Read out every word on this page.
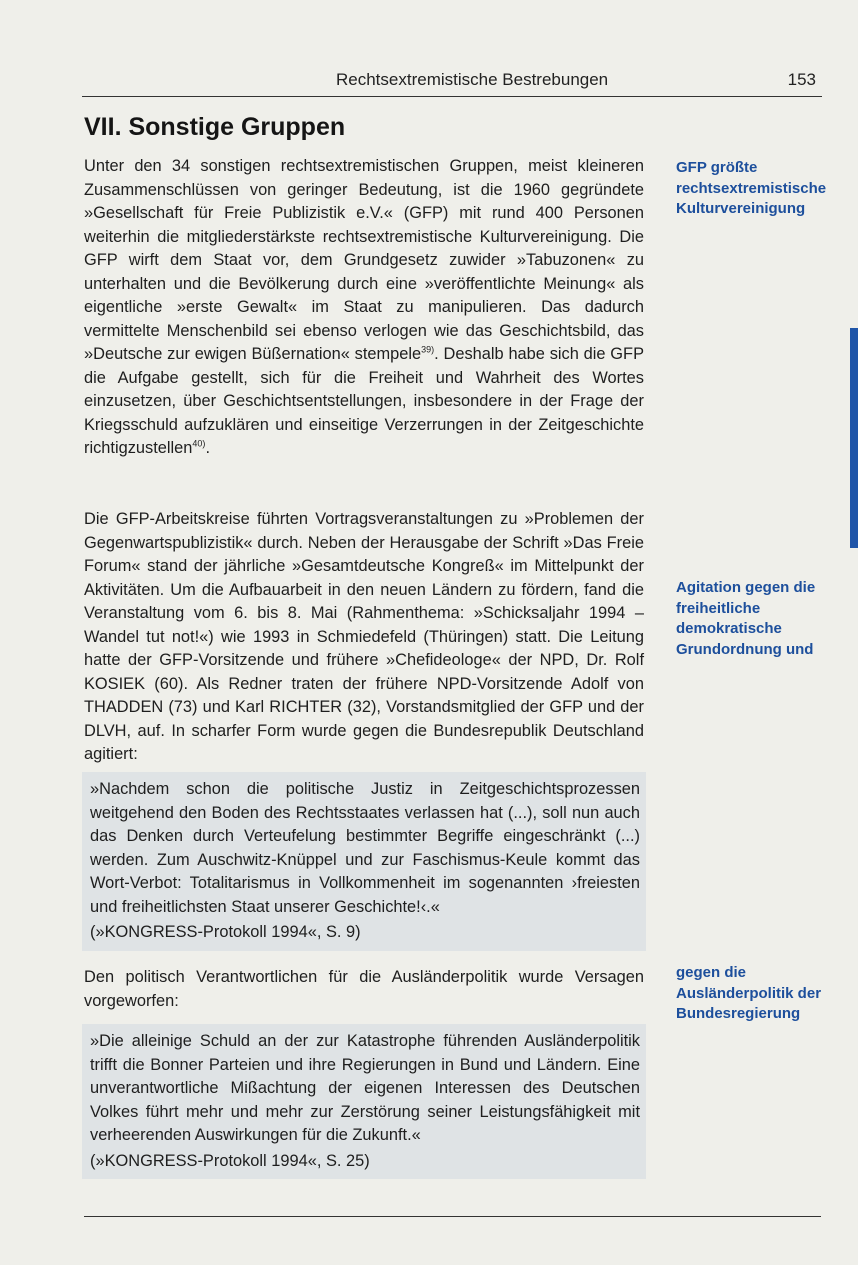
Rechtsextremistische Bestrebungen	153
VII. Sonstige Gruppen

Unter den 34 sonstigen rechtsextremistischen Gruppen, meist kleineren Zusammenschlüssen von geringer Bedeutung, ist die 1960 gegründete »Gesellschaft für Freie Publizistik e.V.« (GFP) mit rund 400 Personen weiterhin die mitgliederstärkste rechtsextremistische Kulturvereinigung. Die GFP wirft dem Staat vor, dem Grundgesetz zuwider »Tabuzonen« zu unterhalten und die Bevölkerung durch eine »veröffentlichte Meinung« als eigentliche »erste Gewalt« im Staat zu manipulieren. Das dadurch vermittelte Menschenbild sei ebenso verlogen wie das Geschichtsbild, das »Deutsche zur ewigen Büßernation« stempele$^{39)}$. Deshalb habe sich die GFP die Aufgabe gestellt, sich für die Freiheit und Wahrheit des Wortes einzusetzen, über Geschichtsentstellungen, insbesondere in der Frage der Kriegsschuld aufzuklären und einseitige Verzerrungen in der Zeitgeschichte richtigzustellen$^{40)}$.

Die GFP-Arbeitskreise führten Vortragsveranstaltungen zu »Problemen der Gegenwartspublizistik« durch. Neben der Herausgabe der Schrift »Das Freie Forum« stand der jährliche »Gesamtdeutsche Kongreß« im Mittelpunkt der Aktivitäten. Um die Aufbauarbeit in den neuen Ländern zu fördern, fand die Veranstaltung vom 6. bis 8. Mai (Rahmenthema: »Schicksaljahr 1994 – Wandel tut not!«) wie 1993 in Schmiedefeld (Thüringen) statt. Die Leitung hatte der GFP-Vorsitzende und frühere »Chefideologe« der NPD, Dr. Rolf KOSIEK (60). Als Redner traten der frühere NPD-Vorsitzende Adolf von THADDEN (73) und Karl RICHTER (32), Vorstandsmitglied der GFP und der DLVH, auf. In scharfer Form wurde gegen die Bundesrepublik Deutschland agitiert:

»Nachdem schon die politische Justiz in Zeitgeschichtsprozessen weitgehend den Boden des Rechtsstaates verlassen hat (...), soll nun auch das Denken durch Verteufelung bestimmter Begriffe eingeschränkt (...) werden. Zum Auschwitz-Knüppel und zur Faschismus-Keule kommt das Wort-Verbot: Totalitarismus in Vollkommenheit im sogenannten ›freiesten und freiheitlichsten Staat unserer Geschichte!‹.«
(»KONGRESS-Protokoll 1994«, S. 9)

Den politisch Verantwortlichen für die Ausländerpolitik wurde Versagen vorgeworfen:

»Die alleinige Schuld an der zur Katastrophe führenden Ausländerpolitik trifft die Bonner Parteien und ihre Regierungen in Bund und Ländern. Eine unverantwortliche Mißachtung der eigenen Interessen des Deutschen Volkes führt mehr und mehr zur Zerstörung seiner Leistungsfähigkeit mit verheerenden Auswirkungen für die Zukunft.«
(»KONGRESS-Protokoll 1994«, S. 25)
GFP größte rechtsextremistische Kulturvereinigung
Agitation gegen die freiheitliche demokratische Grundordnung und
gegen die Ausländerpolitik der Bundesregierung
